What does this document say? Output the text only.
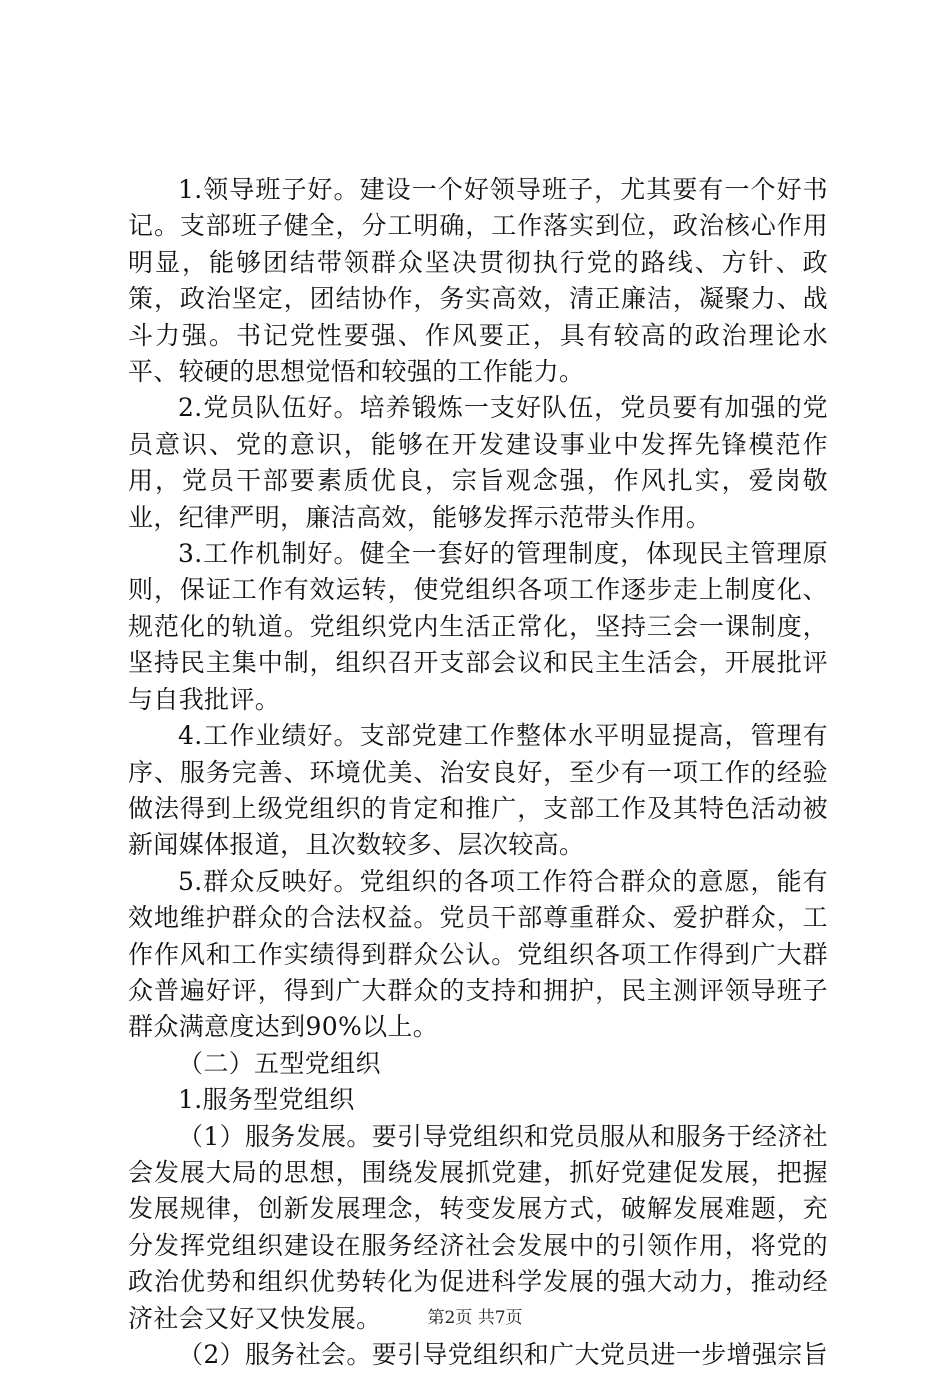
1.领导班子好。建设一个好领导班子，尤其要有一个好书记。支部班子健全，分工明确，工作落实到位，政治核心作用明显，能够团结带领群众坚决贯彻执行党的路线、方针、政策，政治坚定，团结协作，务实高效，清正廉洁，凝聚力、战斗力强。书记党性要强、作风要正，具有较高的政治理论水平、较硬的思想觉悟和较强的工作能力。

2.党员队伍好。培养锻炼一支好队伍，党员要有加强的党员意识、党的意识，能够在开发建设事业中发挥先锋模范作用，党员干部要素质优良，宗旨观念强，作风扎实，爱岗敬业，纪律严明，廉洁高效，能够发挥示范带头作用。

3.工作机制好。健全一套好的管理制度，体现民主管理原则，保证工作有效运转，使党组织各项工作逐步走上制度化、规范化的轨道。党组织党内生活正常化，坚持三会一课制度，坚持民主集中制，组织召开支部会议和民主生活会，开展批评与自我批评。

4.工作业绩好。支部党建工作整体水平明显提高，管理有序、服务完善、环境优美、治安良好，至少有一项工作的经验做法得到上级党组织的肯定和推广，支部工作及其特色活动被新闻媒体报道，且次数较多、层次较高。

5.群众反映好。党组织的各项工作符合群众的意愿，能有效地维护群众的合法权益。党员干部尊重群众、爱护群众，工作作风和工作实绩得到群众公认。党组织各项工作得到广大群众普遍好评，得到广大群众的支持和拥护，民主测评领导班子群众满意度达到90%以上。

（二）五型党组织

1.服务型党组织

（1）服务发展。要引导党组织和党员服从和服务于经济社会发展大局的思想，围绕发展抓党建，抓好党建促发展，把握发展规律，创新发展理念，转变发展方式，破解发展难题，充分发挥党组织建设在服务经济社会发展中的引领作用，将党的政治优势和组织优势转化为促进科学发展的强大动力，推动经济社会又好又快发展。

（2）服务社会。要引导党组织和广大党员进一步增强宗旨

第2页 共7页
